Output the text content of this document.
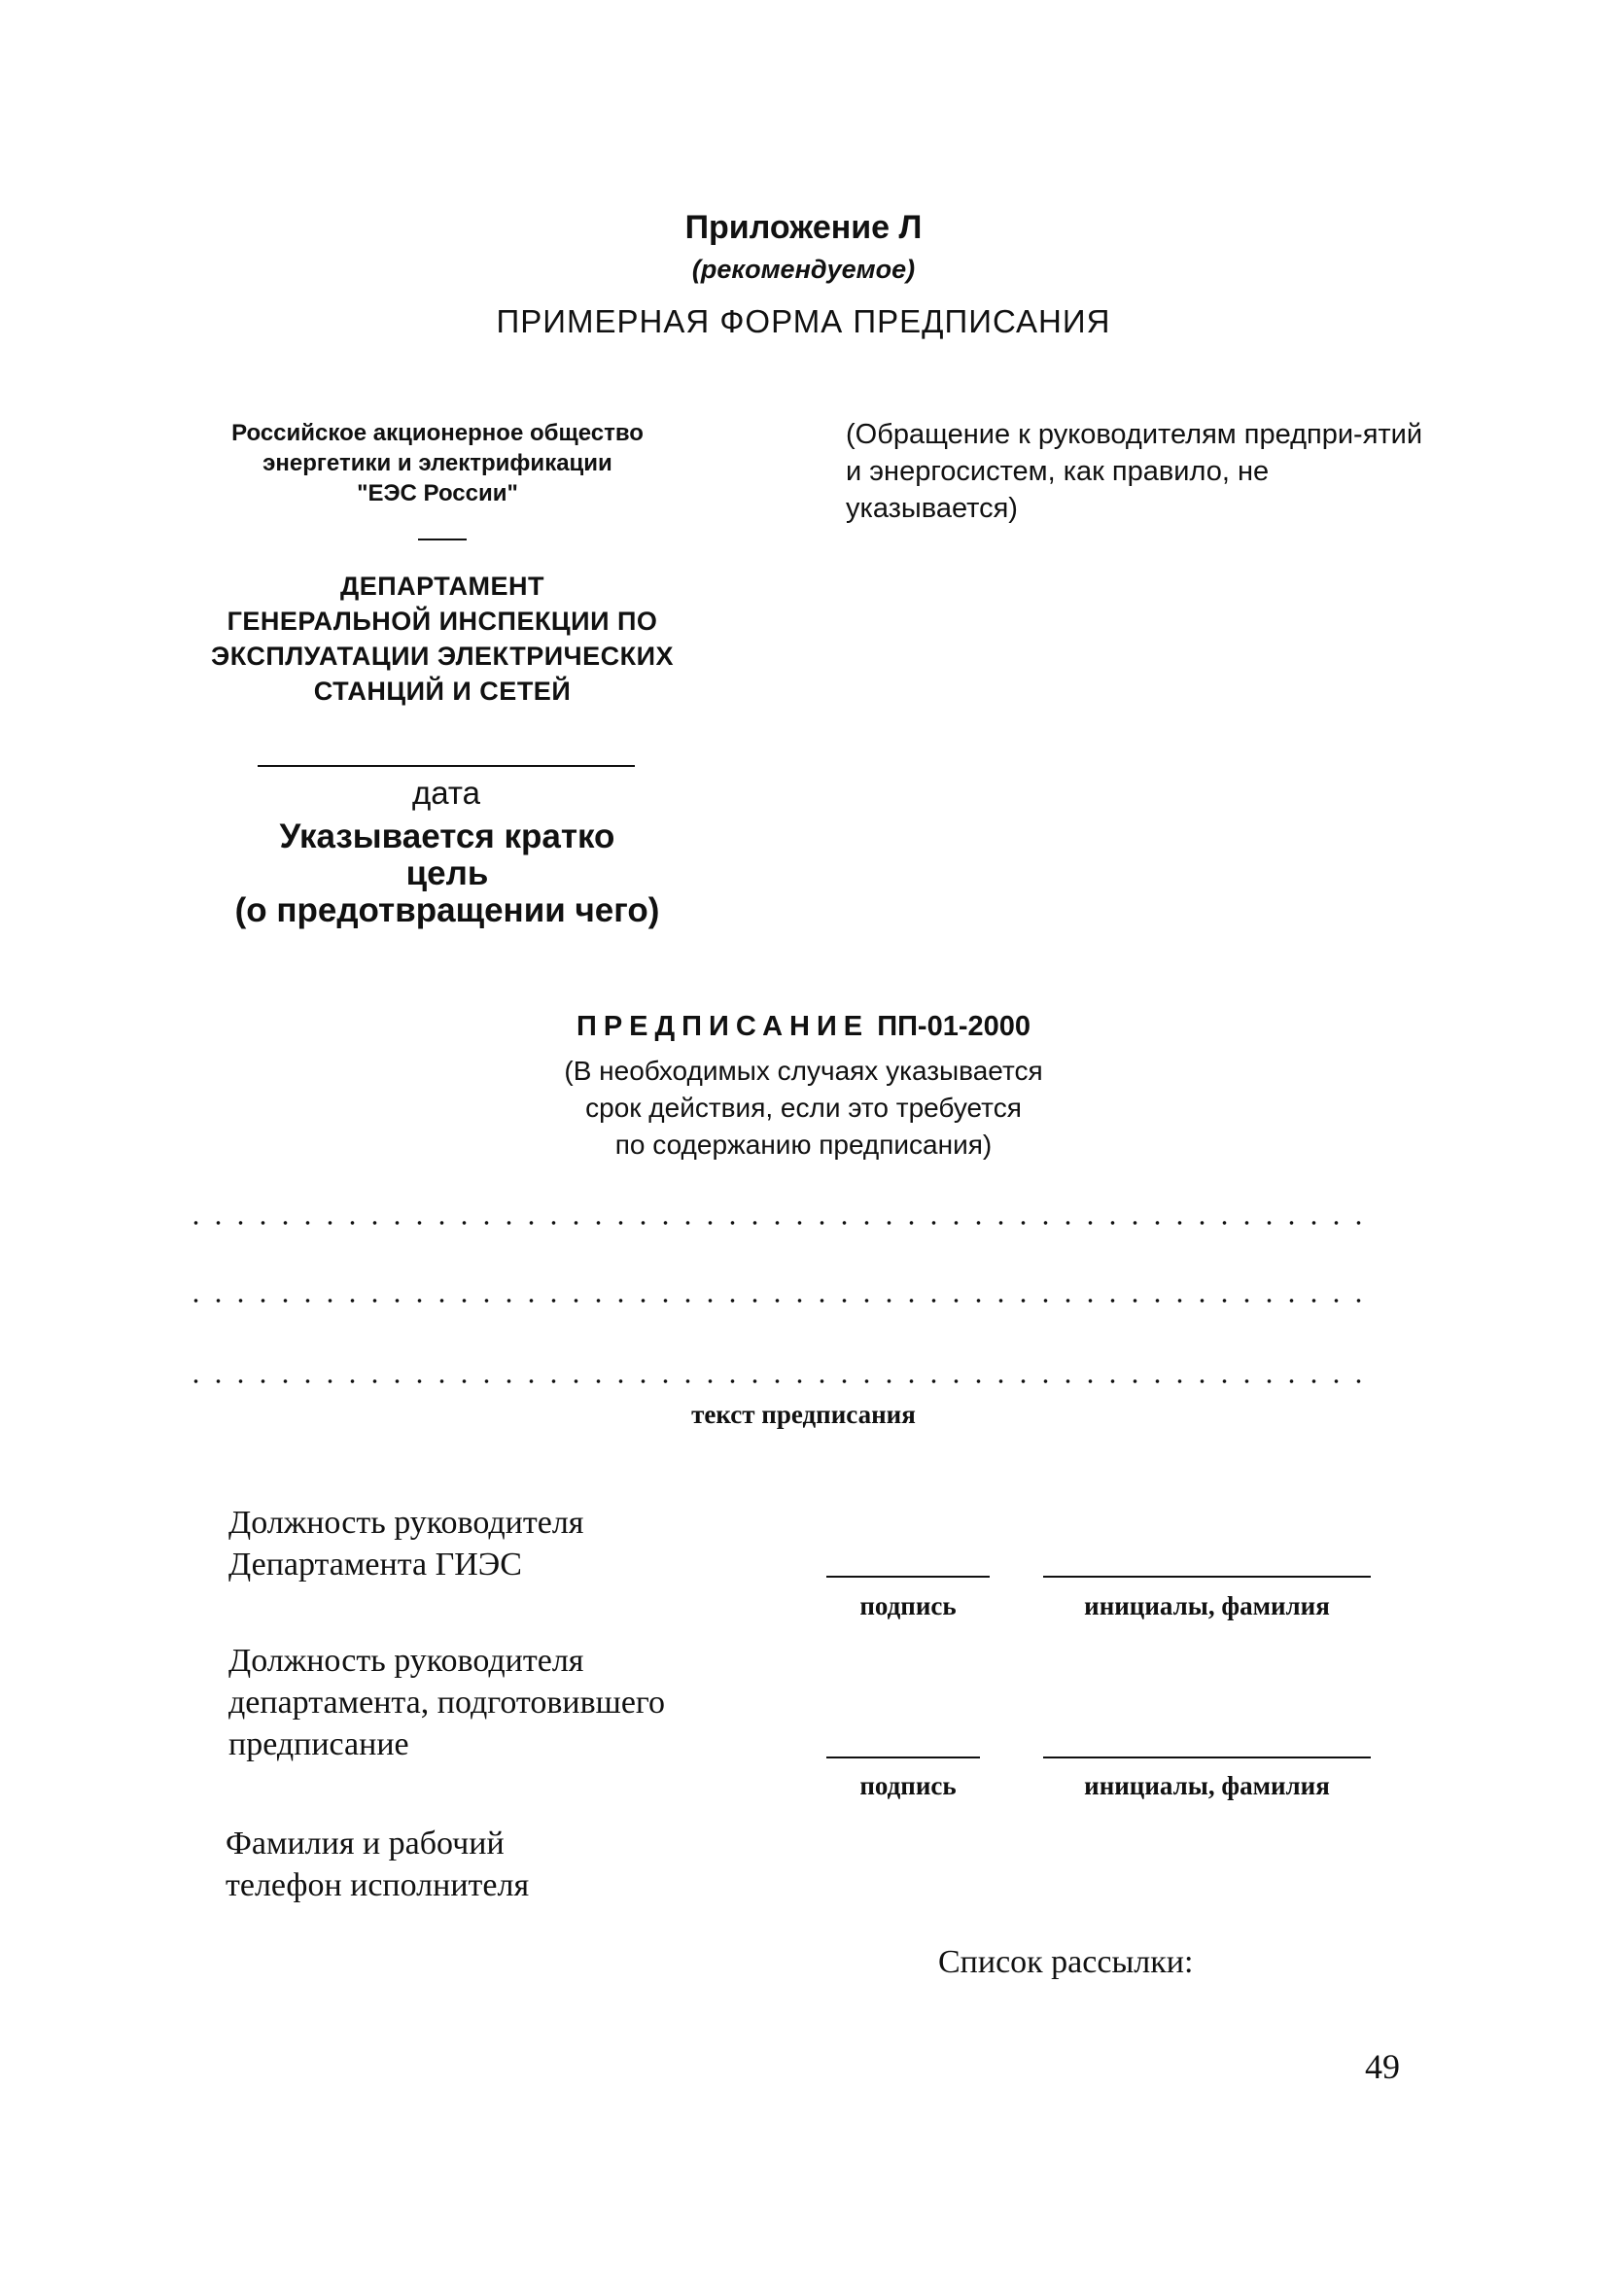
Приложение Л
(рекомендуемое)
ПРИМЕРНАЯ ФОРМА ПРЕДПИСАНИЯ
Российское акционерное общество
энергетики и электрификации
"ЕЭС России"
(Обращение к руководителям предпри-ятий и энергосистем, как правило, не указывается)
ДЕПАРТАМЕНТ
ГЕНЕРАЛЬНОЙ ИНСПЕКЦИИ ПО
ЭКСПЛУАТАЦИИ ЭЛЕКТРИЧЕСКИХ
СТАНЦИЙ И СЕТЕЙ
дата
Указывается кратко
цель
(о предотвращении чего)
ПРЕДПИСАНИЕ ПП-01-2000
(В необходимых случаях указывается
срок действия, если это требуется
по содержанию предписания)
текст предписания
Должность руководителя
Департамента ГИЭС
подпись	инициалы, фамилия
Должность руководителя
департамента, подготовившего
предписание
подпись	инициалы, фамилия
Фамилия и рабочий
телефон исполнителя
Список рассылки:
49
